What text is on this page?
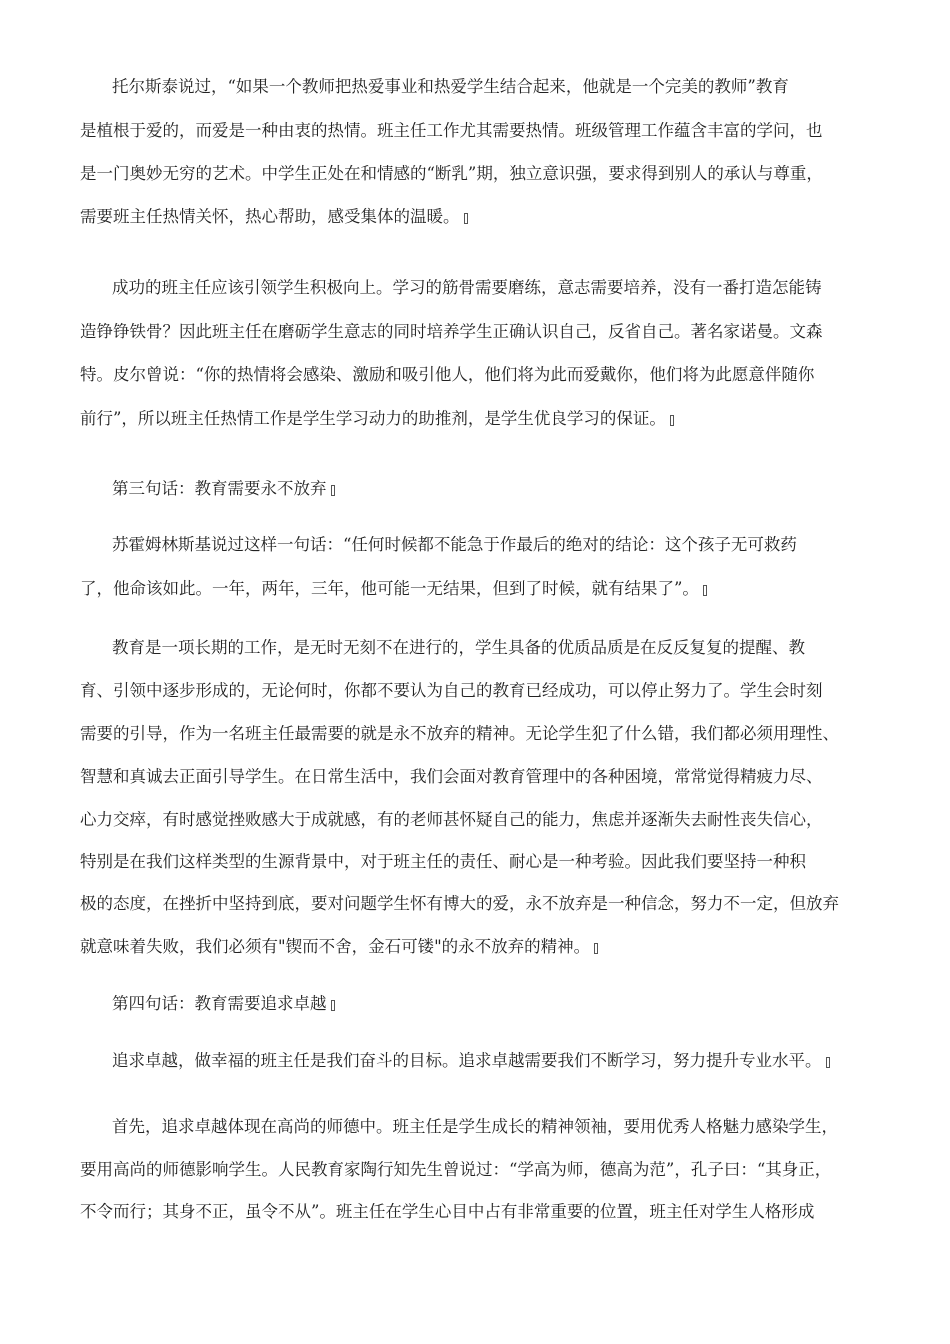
托尔斯泰说过，“如果一个教师把热爱事业和热爱学生结合起来，他就是一个完美的教师”教育
是植根于爱的，而爱是一种由衷的热情。班主任工作尤其需要热情。班级管理工作蕴含丰富的学问，也
是一门奥妙无穷的艺术。中学生正处在和情感的“断乳”期，独立意识强，要求得到别人的承认与尊重，
需要班主任热情关怀，热心帮助，感受集体的温暖。
成功的班主任应该引领学生积极向上。学习的筋骨需要磨练，意志需要培养，没有一番打造怎能铸
造铮铮铁骨？因此班主任在磨砺学生意志的同时培养学生正确认识自己，反省自己。著名家诺曼。文森
特。皮尔曾说：“你的热情将会感染、激励和吸引他人，他们将为此而爱戴你，他们将为此愿意伴随你
前行”，所以班主任热情工作是学生学习动力的助推剂，是学生优良学习的保证。
第三句话：教育需要永不放弃
苏霍姆林斯基说过这样一句话：“任何时候都不能急于作最后的绝对的结论：这个孩子无可救药
了，他命该如此。一年，两年，三年，他可能一无结果，但到了时候，就有结果了”。
教育是一项长期的工作，是无时无刻不在进行的，学生具备的优质品质是在反反复复的提醒、教
育、引领中逐步形成的，无论何时，你都不要认为自己的教育已经成功，可以停止努力了。学生会时刻
需要的引导，作为一名班主任最需要的就是永不放弃的精神。无论学生犯了什么错，我们都必须用理性、
智慧和真诚去正面引导学生。在日常生活中，我们会面对教育管理中的各种困境，常常觉得精疲力尽、
心力交瘁，有时感觉挫败感大于成就感，有的老师甚怀疑自己的能力，焦虑并逐渐失去耐性丧失信心，
特别是在我们这样类型的生源背景中，对于班主任的责任、耐心是一种考验。因此我们要坚持一种积
极的态度，在挫折中坚持到底，要对问题学生怀有博大的爱，永不放弃是一种信念，努力不一定，但放弃
就意味着失败，我们必须有"锲而不舍，金石可镂"的永不放弃的精神。
第四句话：教育需要追求卓越
追求卓越，做幸福的班主任是我们奋斗的目标。追求卓越需要我们不断学习，努力提升专业水平。
首先，追求卓越体现在高尚的师德中。班主任是学生成长的精神领袖，要用优秀人格魅力感染学生，
要用高尚的师德影响学生。人民教育家陶行知先生曾说过：“学高为师，德高为范”，孔子曰：“其身正，
不令而行；其身不正，虽令不从”。班主任在学生心目中占有非常重要的位置，班主任对学生人格形成
